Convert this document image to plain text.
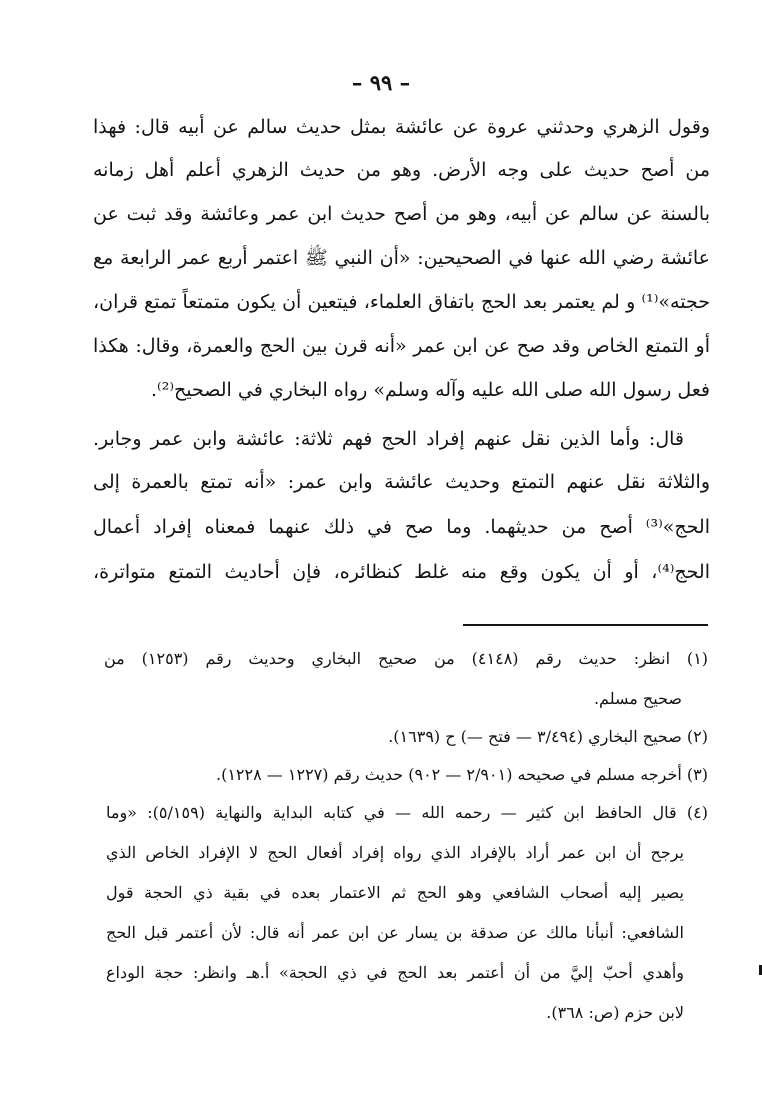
– ٩٩ –
وقول الزهري وحدثني عروة عن عائشة بمثل حديث سالم عن أبيه قال: فهذا
من أصح حديث على وجه الأرض. وهو من حديث الزهري أعلم أهل زمانه
بالسنة عن سالم عن أبيه، وهو من أصح حديث ابن عمر وعائشة وقد ثبت عن
عائشة رضي الله عنها في الصحيحين: «أن النبي ﷺ اعتمر أربع عمر الرابعة مع
حجته»⁽¹⁾ و لم يعتمر بعد الحج باتفاق العلماء، فيتعين أن يكون متمتعاً تمتع قران،
أو التمتع الخاص وقد صح عن ابن عمر «أنه قرن بين الحج والعمرة، وقال: هكذا
فعل رسول الله صلى الله عليه وآله وسلم» رواه البخاري في الصحيح⁽²⁾.
قال: وأما الذين نقل عنهم إفراد الحج فهم ثلاثة: عائشة وابن عمر وجابر.
والثلاثة نقل عنهم التمتع وحديث عائشة وابن عمر: «أنه تمتع بالعمرة إلى
الحج»⁽³⁾ أصح من حديثهما. وما صح في ذلك عنهما فمعناه إفراد أعمال
الحج⁽⁴⁾، أو أن يكون وقع منه غلط كنظائره، فإن أحاديث التمتع متواترة،
(١) انظر: حديث رقم (٤١٤٨) من صحيح البخاري وحديث رقم (١٢٥٣) من
صحيح مسلم.
(٢) صحيح البخاري (٣/٤٩٤ — فتح —) ح (١٦٣٩).
(٣) أخرجه مسلم في صحيحه (٢/٩٠١ — ٩٠٢) حديث رقم (١٢٢٧ — ١٢٢٨).
(٤) قال الحافظ ابن كثير — رحمه الله — في كتابه البداية والنهاية (٥/١٥٩): «وما
يرجح أن ابن عمر أراد بالإفراد الذي رواه إفراد أفعال الحج لا الإفراد الخاص الذي
يصير إليه أصحاب الشافعي وهو الحج ثم الاعتمار بعده في بقية ذي الحجة قول
الشافعي: أنبأنا مالك عن صدقة بن يسار عن ابن عمر أنه قال: لأن أعتمر قبل الحج
وأهدي أحبّ إليَّ من أن أعتمر بعد الحج في ذي الحجة» أ.هـ وانظر: حجة الوداع
لابن حزم (ص: ٣٦٨).
